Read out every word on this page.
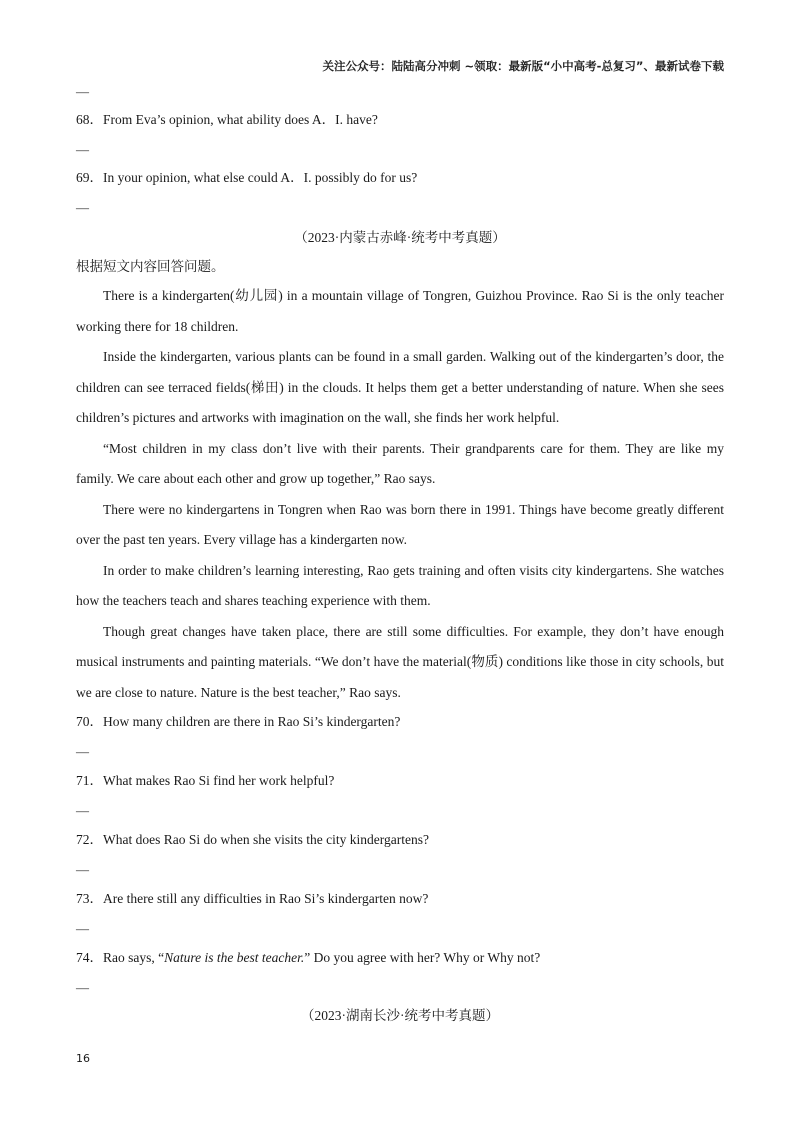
关注公众号：陆陆高分冲刺 ~领取：最新版“小中高考-总复习”、最新试卷下载
—
68．From Eva’s opinion, what ability does A．I. have?
—
69．In your opinion, what else could A．I. possibly do for us?
—
（2023·内蒙古赤峰·统考中考真题）
根据短文内容回答问题。

There is a kindergarten(幼儿园) in a mountain village of Tongren, Guizhou Province. Rao Si is the only teacher working there for 18 children.

Inside the kindergarten, various plants can be found in a small garden. Walking out of the kindergarten’s door, the children can see terraced fields(梯田) in the clouds. It helps them get a better understanding of nature. When she sees children’s pictures and artworks with imagination on the wall, she finds her work helpful.

“Most children in my class don’t live with their parents. Their grandparents care for them. They are like my family. We care about each other and grow up together,” Rao says.

There were no kindergartens in Tongren when Rao was born there in 1991. Things have become greatly different over the past ten years. Every village has a kindergarten now.

In order to make children’s learning interesting, Rao gets training and often visits city kindergartens. She watches how the teachers teach and shares teaching experience with them.

Though great changes have taken place, there are still some difficulties. For example, they don’t have enough musical instruments and painting materials. “We don’t have the material(物质) conditions like those in city schools, but we are close to nature. Nature is the best teacher,” Rao says.

70．How many children are there in Rao Si’s kindergarten?
—
71．What makes Rao Si find her work helpful?
—
72．What does Rao Si do when she visits the city kindergartens?
—
73．Are there still any difficulties in Rao Si’s kindergarten now?
—
74．Rao says, “Nature is the best teacher.” Do you agree with her? Why or Why not?
—
（2023·湖南长沙·统考中考真题）
16
